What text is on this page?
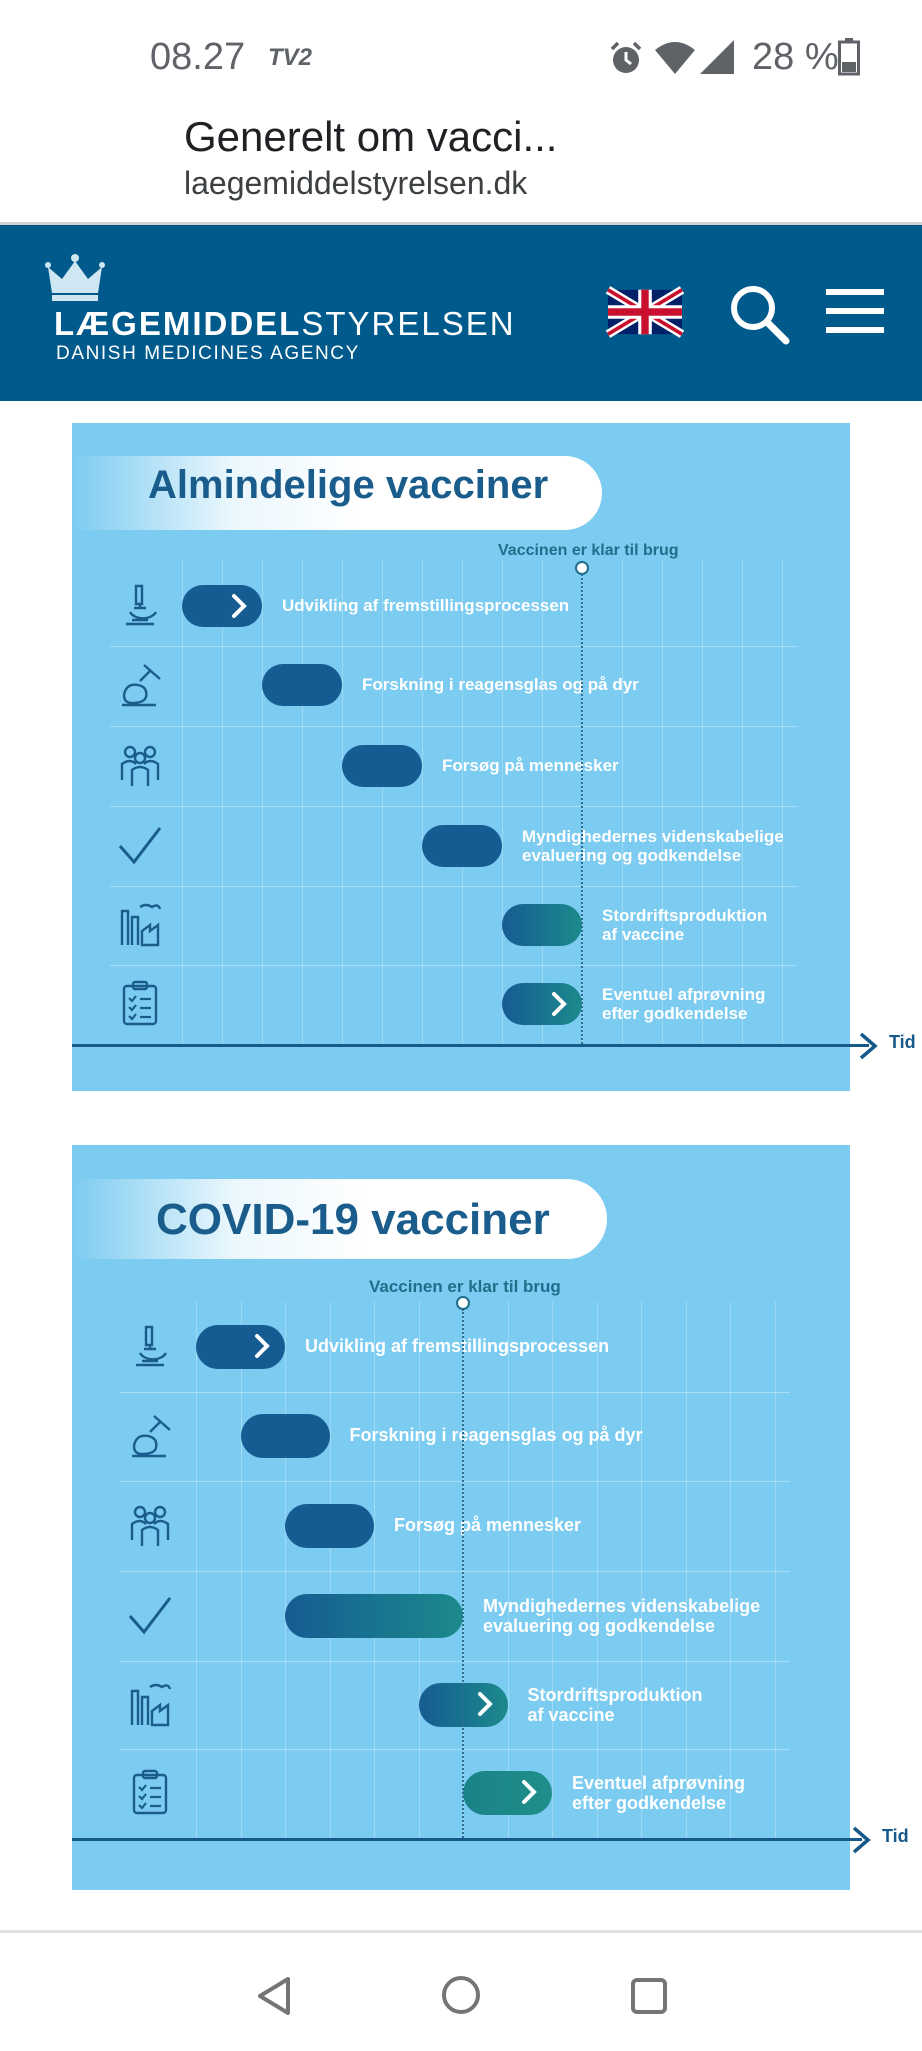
08.27 TV2	28 %
Generelt om vacci...
laegemiddelstyrelsen.dk
LÆGEMIDDELSTYRELSEN
DANISH MEDICINES AGENCY
Almindelige vacciner
Vaccinen er klar til brug
Udvikling af fremstillingsprocessen
Forskning i reagensglas og på dyr
Forsøg på mennesker
Myndighedernes videnskabelige
evaluering og godkendelse
Stordriftsproduktion
af vaccine
Eventuel afprøvning
efter godkendelse
Tid
COVID-19 vacciner
Vaccinen er klar til brug
Udvikling af fremstillingsprocessen
Forskning i reagensglas og på dyr
Forsøg på mennesker
Myndighedernes videnskabelige
evaluering og godkendelse
Stordriftsproduktion
af vaccine
Eventuel afprøvning
efter godkendelse
Tid
